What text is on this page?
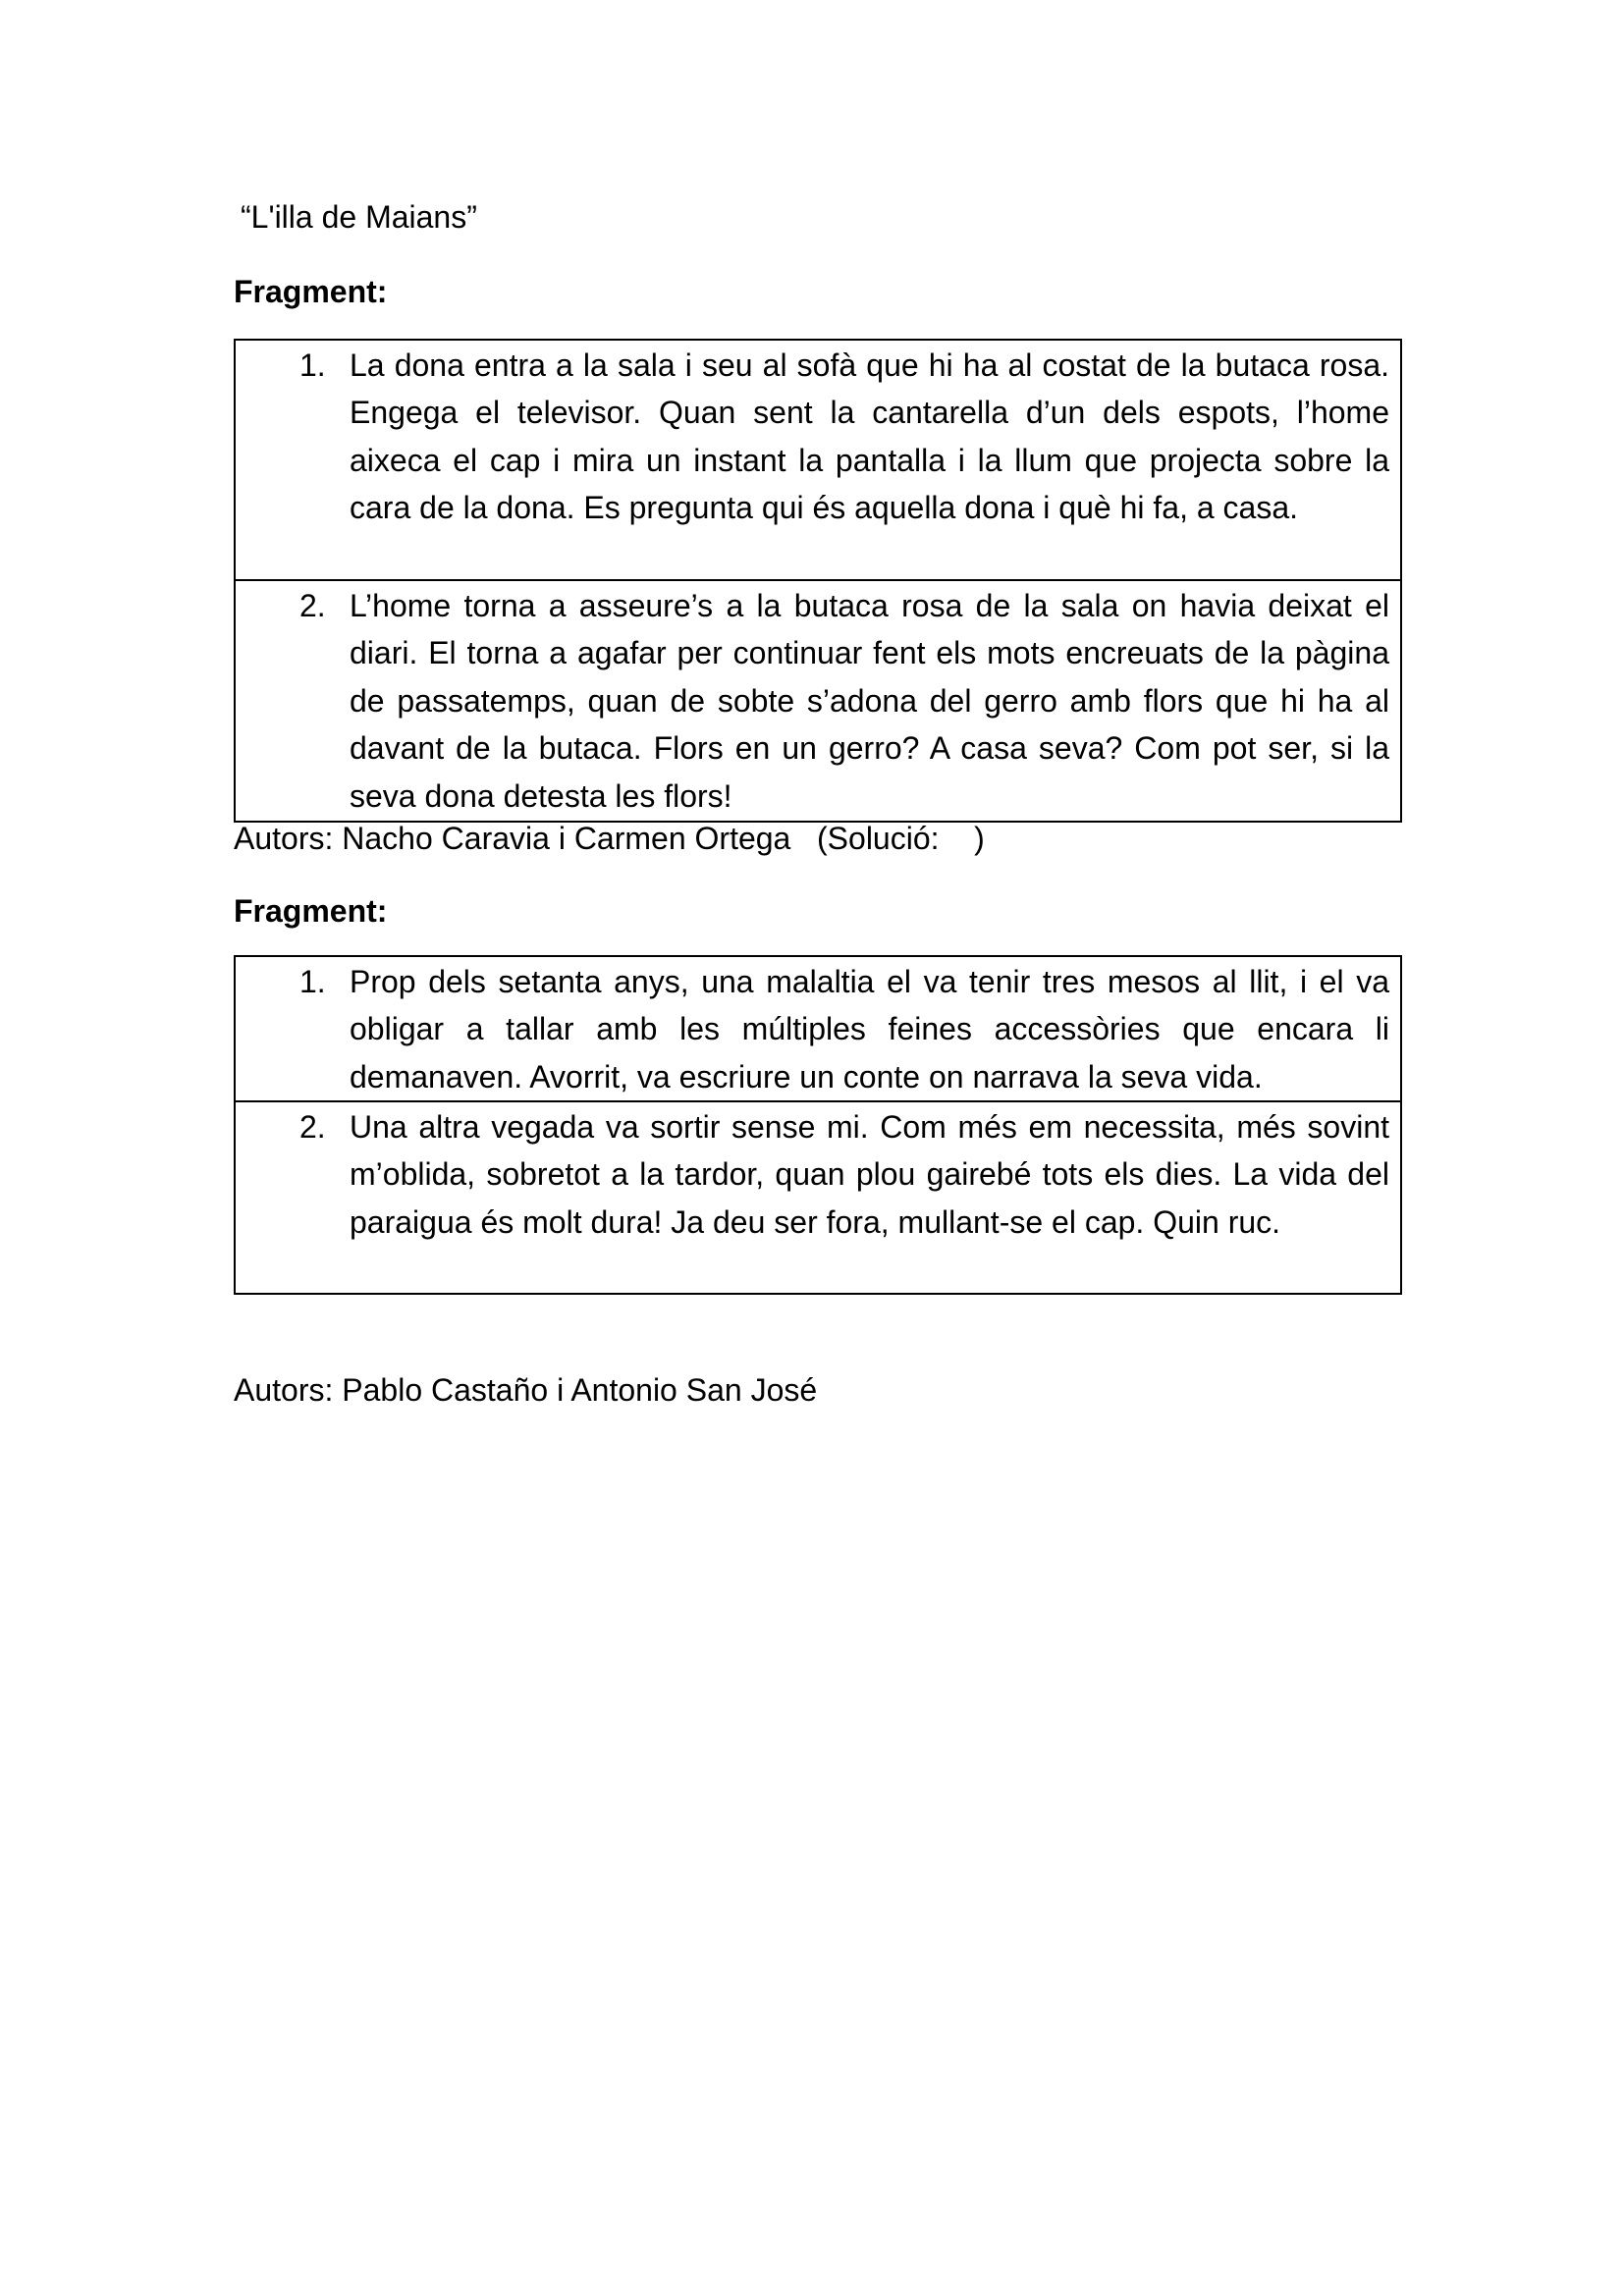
“L'illa de Maians”
Fragment:
1. La dona entra a la sala i seu al sofà que hi ha al costat de la butaca rosa. Engega el televisor. Quan sent la cantarella d’un dels espots, l’home aixeca el cap i mira un instant la pantalla i la llum que projecta sobre la cara de la dona. Es pregunta qui és aquella dona i què hi fa, a casa.

2. L’home torna a asseure’s a la butaca rosa de la sala on havia deixat el diari. El torna a agafar per continuar fent els mots encreuats de la pàgina de passatemps, quan de sobte s’adona del gerro amb flors que hi ha al davant de la butaca. Flors en un gerro? A casa seva? Com pot ser, si la seva dona detesta les flors!
Autors: Nacho Caravia i Carmen Ortega   (Solució:    )
Fragment:
1. Prop dels setanta anys, una malaltia el va tenir tres mesos al llit, i el va obligar a tallar amb les múltiples feines accessòries que encara li demanaven. Avorrit, va escriure un conte on narrava la seva vida.

2. Una altra vegada va sortir sense mi. Com més em necessita, més sovint m’oblida, sobretot a la tardor, quan plou gairebé tots els dies. La vida del paraigua és molt dura! Ja deu ser fora, mullant-se el cap. Quin ruc.
Autors: Pablo Castaño i Antonio San José
